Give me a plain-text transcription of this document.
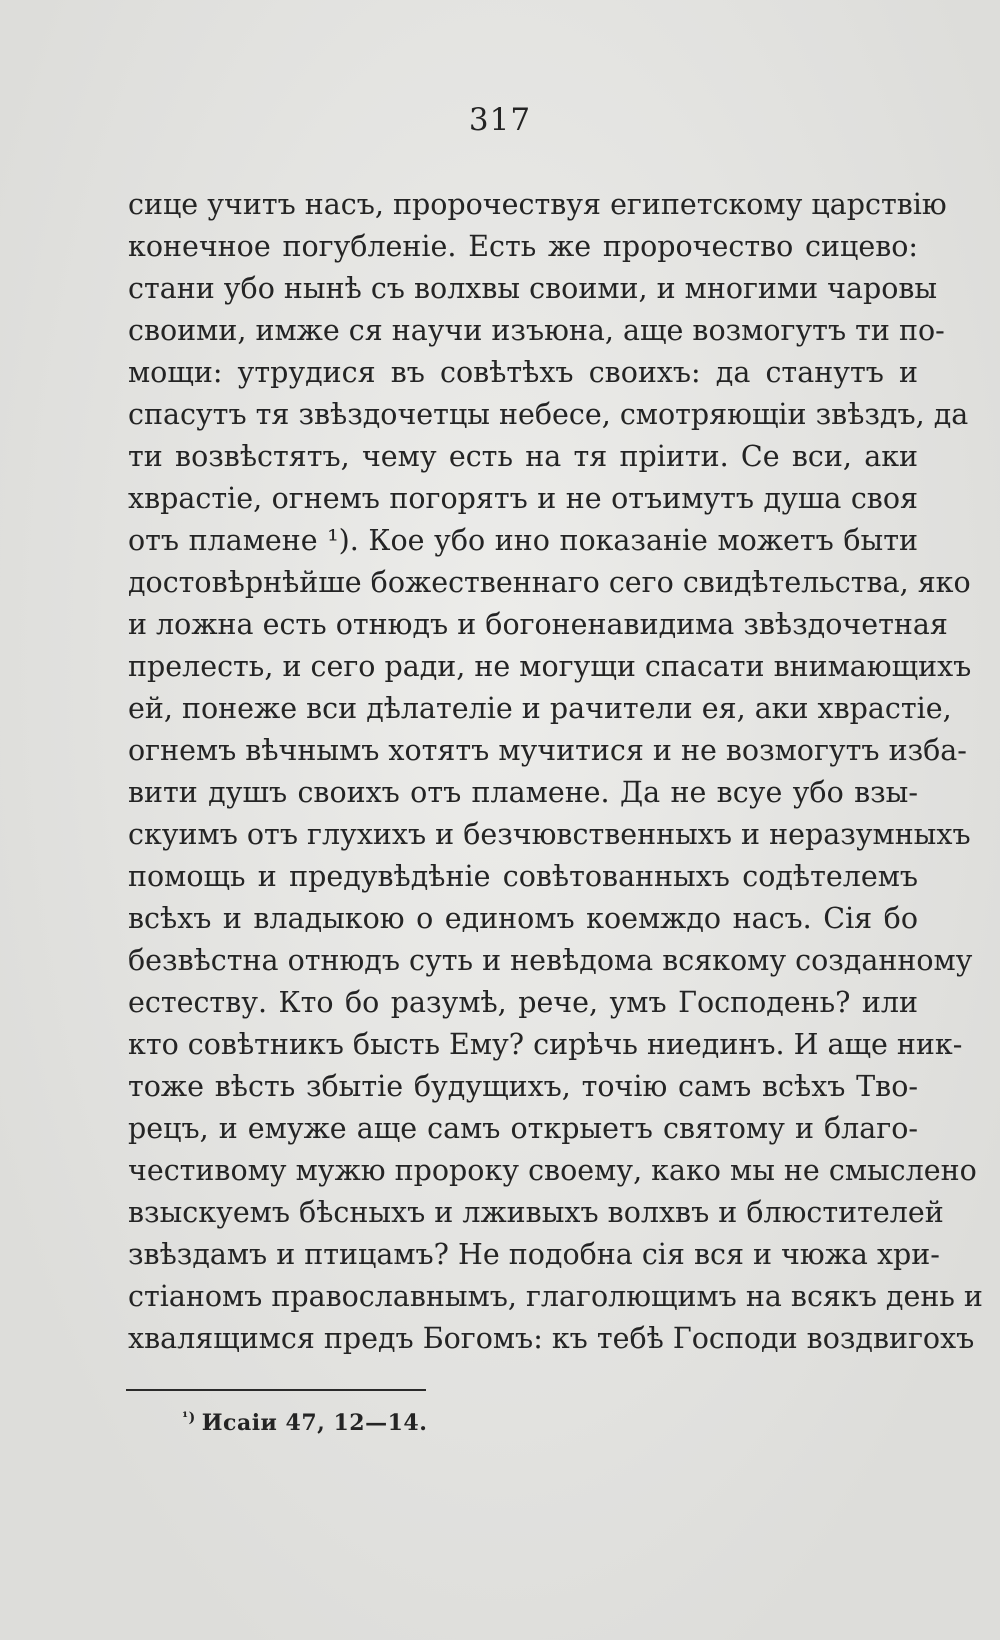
317
сице учитъ насъ, пророчествуя египетскому царствію
конечное погубленіе. Есть же пророчество сицево:
стани убо нынѣ съ волхвы своими, и многими чаровы
своими, имже ся научи изъюна, аще возмогутъ ти по-
мощи: утрудися въ совѣтѣхъ своихъ: да станутъ и
спасутъ тя звѣздочетцы небесе, смотряющіи звѣздъ, да
ти возвѣстятъ, чему есть на тя пріити. Се вси, аки
хврастіе, огнемъ погорятъ и не отъимутъ душа своя
отъ пламене ¹). Кое убо ино показаніе можетъ быти
достовѣрнѣйше божественнаго сего свидѣтельства, яко
и ложна есть отнюдъ и богоненавидима звѣздочетная
прелесть, и сего ради, не могущи спасати внимающихъ
ей, понеже вси дѣлателіе и рачители ея, аки хврастіе,
огнемъ вѣчнымъ хотятъ мучитися и не возмогутъ изба-
вити душъ своихъ отъ пламене. Да не всуе убо взы-
скуимъ отъ глухихъ и безчювственныхъ и неразумныхъ
помощь и предувѣдѣніе совѣтованныхъ содѣтелемъ
всѣхъ и владыкою о единомъ коемждо насъ. Сія бо
безвѣстна отнюдъ суть и невѣдома всякому созданному
естеству. Кто бо разумѣ, рече, умъ Господень? или
кто совѣтникъ бысть Ему? сирѣчь ниединъ. И аще ник-
тоже вѣсть збытіе будущихъ, точію самъ всѣхъ Тво-
рецъ, и емуже аще самъ открыетъ святому и благо-
честивому мужю пророку своему, како мы не смыслено
взыскуемъ бѣсныхъ и лживыхъ волхвъ и блюстителей
звѣздамъ и птицамъ? Не подобна сія вся и чюжа хри-
стіаномъ православнымъ, глаголющимъ на всякъ день и
хвалящимся предъ Богомъ: къ тебѣ Господи воздвигохъ
$^{^1)}$ Исаіи 47, 12—14.
